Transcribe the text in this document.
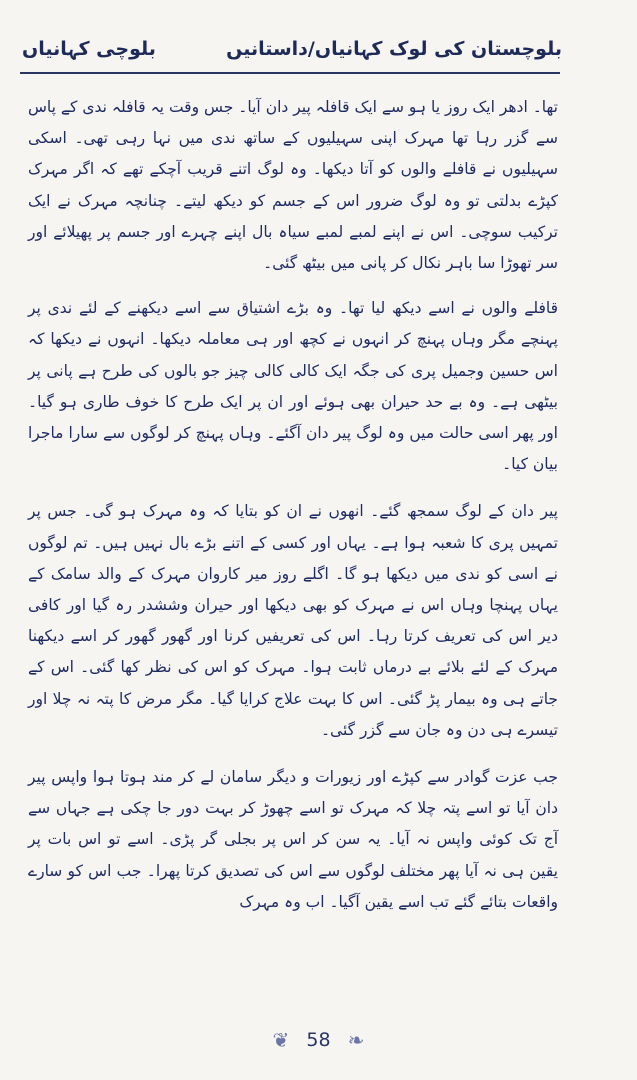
بلوچستان کی لوک کہانیاں/داستانیں
بلوچی کہانیاں

تھا۔ ادھر ایک روز یا ہو سے ایک قافلہ پیر دان آیا۔ جس وقت یہ قافلہ ندی کے پاس سے گزر رہا تھا مہرک اپنی سہیلیوں کے ساتھ ندی میں نہا رہی تھی۔ اسکی سہیلیوں نے قافلے والوں کو آتا دیکھا۔ وہ لوگ اتنے قریب آچکے تھے کہ اگر مہرک کپڑے بدلتی تو وہ لوگ ضرور اس کے جسم کو دیکھ لیتے۔ چنانچہ مہرک نے ایک ترکیب سوچی۔ اس نے اپنے لمبے لمبے سیاہ بال اپنے چہرے اور جسم پر پھیلائے اور سر تھوڑا سا باہر نکال کر پانی میں بیٹھ گئی۔

قافلے والوں نے اسے دیکھ لیا تھا۔ وہ بڑے اشتیاق سے اسے دیکھنے کے لئے ندی پر پہنچے مگر وہاں پہنچ کر انہوں نے کچھ اور ہی معاملہ دیکھا۔ انہوں نے دیکھا کہ اس حسین وجمیل پری کی جگہ ایک کالی کالی چیز جو بالوں کی طرح ہے پانی پر بیٹھی ہے۔ وہ بے حد حیران بھی ہوئے اور ان پر ایک طرح کا خوف طاری ہو گیا۔ اور پھر اسی حالت میں وہ لوگ پیر دان آگئے۔ وہاں پہنچ کر لوگوں سے سارا ماجرا بیان کیا۔

پیر دان کے لوگ سمجھ گئے۔ انھوں نے ان کو بتایا کہ وہ مہرک ہو گی۔ جس پر تمہیں پری کا شعبہ ہوا ہے۔ یہاں اور کسی کے اتنے بڑے بال نہیں ہیں۔ تم لوگوں نے اسی کو ندی میں دیکھا ہو گا۔ اگلے روز میر کاروان مہرک کے والد سامک کے یہاں پہنچا وہاں اس نے مہرک کو بھی دیکھا اور حیران وششدر رہ گیا اور کافی دیر اس کی تعریف کرتا رہا۔ اس کی تعریفیں کرنا اور گھور گھور کر اسے دیکھنا مہرک کے لئے بلائے بے درماں ثابت ہوا۔ مہرک کو اس کی نظر کھا گئی۔ اس کے جاتے ہی وہ بیمار پڑ گئی۔ اس کا بہت علاج کرایا گیا۔ مگر مرض کا پتہ نہ چلا اور تیسرے ہی دن وہ جان سے گزر گئی۔

جب عزت گوادر سے کپڑے اور زیورات و دیگر سامان لے کر مند ہوتا ہوا واپس پیر دان آیا تو اسے پتہ چلا کہ مہرک تو اسے چھوڑ کر بہت دور جا چکی ہے جہاں سے آج تک کوئی واپس نہ آیا۔ یہ سن کر اس پر بجلی گر پڑی۔ اسے تو اس بات پر یقین ہی نہ آیا پھر مختلف لوگوں سے اس کی تصدیق کرتا پھرا۔ جب اس کو سارے واقعات بتائے گئے تب اسے یقین آگیا۔ اب وہ مہرک

❦ 58 ❧
